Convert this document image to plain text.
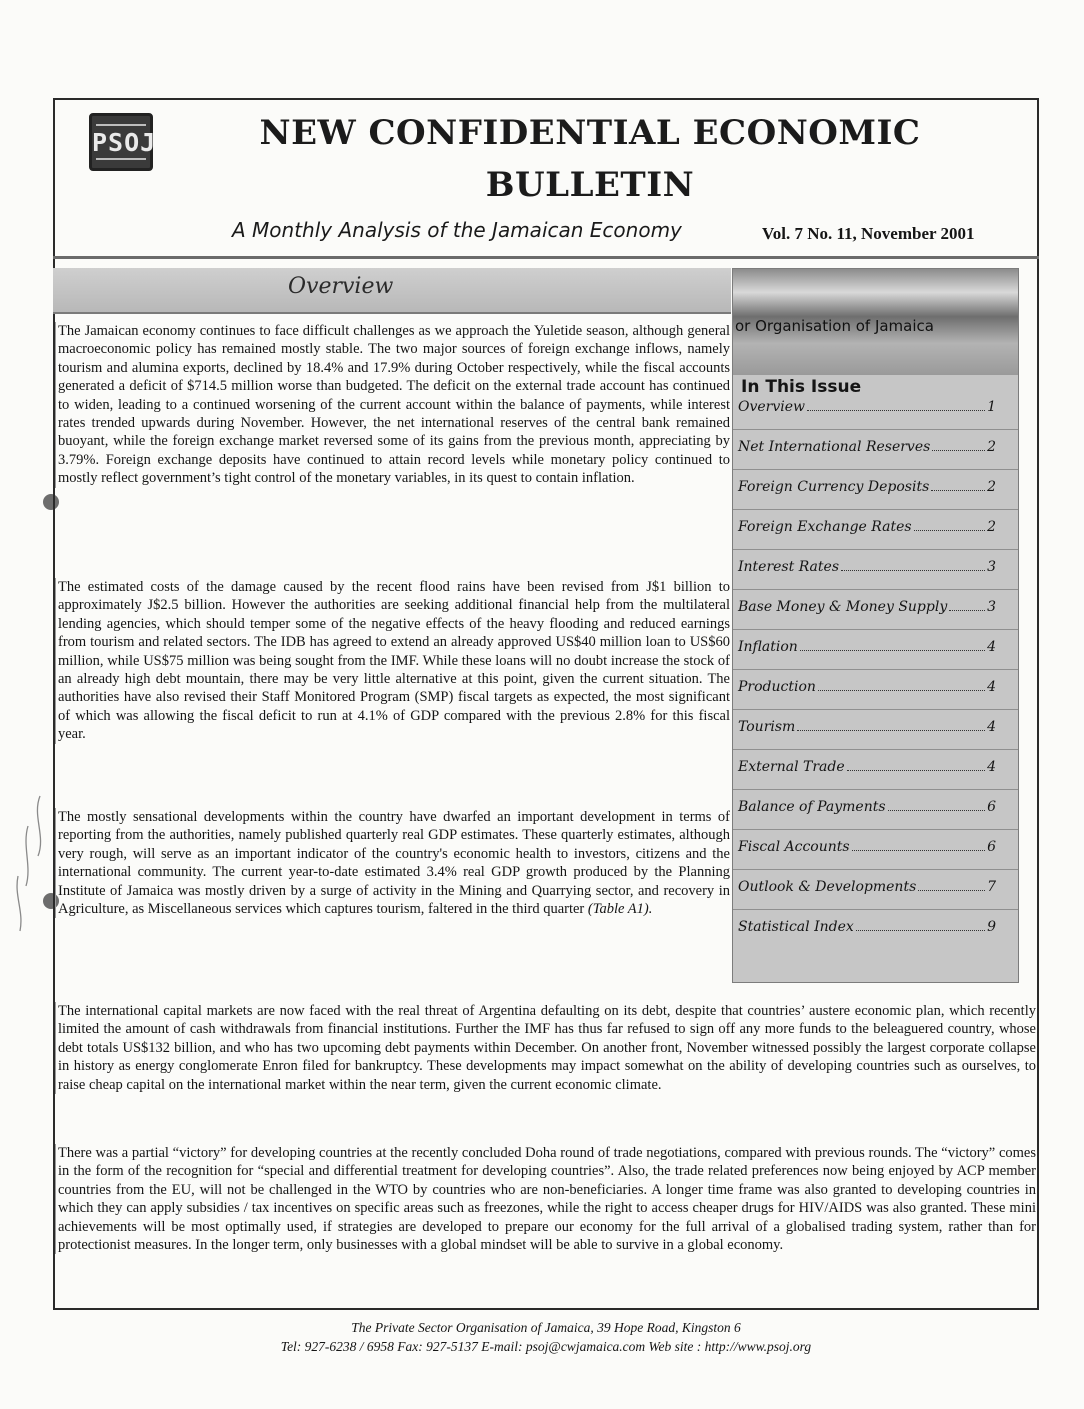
PSOJ	NEW CONFIDENTIAL ECONOMIC
BULLETIN
A Monthly Analysis of the Jamaican Economy	Vol. 7 No. 11, November 2001
Overview

The Jamaican economy continues to face difficult challenges as we approach the Yuletide season, although general macroeconomic policy has remained mostly stable. The two major sources of foreign exchange inflows, namely tourism and alumina exports, declined by 18.4% and 17.9% during October respectively, while the fiscal accounts generated a deficit of $714.5 million worse than budgeted. The deficit on the external trade account has continued to widen, leading to a continued worsening of the current account within the balance of payments, while interest rates trended upwards during November. However, the net international reserves of the central bank remained buoyant, while the foreign exchange market reversed some of its gains from the previous month, appreciating by 3.79%. Foreign exchange deposits have continued to attain record levels while monetary policy continued to mostly reflect government’s tight control of the monetary variables, in its quest to contain inflation.

The estimated costs of the damage caused by the recent flood rains have been revised from J$1 billion to approximately J$2.5 billion. However the authorities are seeking additional financial help from the multilateral lending agencies, which should temper some of the negative effects of the heavy flooding and reduced earnings from tourism and related sectors. The IDB has agreed to extend an already approved US$40 million loan to US$60 million, while US$75 million was being sought from the IMF. While these loans will no doubt increase the stock of an already high debt mountain, there may be very little alternative at this point, given the current situation. The authorities have also revised their Staff Monitored Program (SMP) fiscal targets as expected, the most significant of which was allowing the fiscal deficit to run at 4.1% of GDP compared with the previous 2.8% for this fiscal year.

The mostly sensational developments within the country have dwarfed an important development in terms of reporting from the authorities, namely published quarterly real GDP estimates. These quarterly estimates, although very rough, will serve as an important indicator of the country's economic health to investors, citizens and the international community. The current year-to-date estimated 3.4% real GDP growth produced by the Planning Institute of Jamaica was mostly driven by a surge of activity in the Mining and Quarrying sector, and recovery in Agriculture, as Miscellaneous services which captures tourism, faltered in the third quarter (Table A1).

The international capital markets are now faced with the real threat of Argentina defaulting on its debt, despite that countries’ austere economic plan, which recently limited the amount of cash withdrawals from financial institutions. Further the IMF has thus far refused to sign off any more funds to the beleaguered country, whose debt totals US$132 billion, and who has two upcoming debt payments within December. On another front, November witnessed possibly the largest corporate collapse in history as energy conglomerate Enron filed for bankruptcy. These developments may impact somewhat on the ability of developing countries such as ourselves, to raise cheap capital on the international market within the near term, given the current economic climate.

There was a partial “victory” for developing countries at the recently concluded Doha round of trade negotiations, compared with previous rounds. The “victory” comes in the form of the recognition for “special and differential treatment for developing countries”. Also, the trade related preferences now being enjoyed by ACP member countries from the EU, will not be challenged in the WTO by countries who are non-beneficiaries. A longer time frame was also granted to developing countries in which they can apply subsidies / tax incentives on specific areas such as freezones, while the right to access cheaper drugs for HIV/AIDS was also granted. These mini achievements will be most optimally used, if strategies are developed to prepare our economy for the full arrival of a globalised trading system, rather than for protectionist measures. In the longer term, only businesses with a global mindset will be able to survive in a global economy.

or Organisation of Jamaica
In This Issue
Overview	1
Net International Reserves	2
Foreign Currency Deposits	2
Foreign Exchange Rates	2
Interest Rates	3
Base Money & Money Supply	3
Inflation	4
Production	4
Tourism	4
External Trade	4
Balance of Payments	6
Fiscal Accounts	6
Outlook & Developments	7
Statistical Index	9
The Private Sector Organisation of Jamaica, 39 Hope Road, Kingston 6
Tel: 927-6238 / 6958 Fax: 927-5137 E-mail: psoj@cwjamaica.com Web site : http://www.psoj.org
